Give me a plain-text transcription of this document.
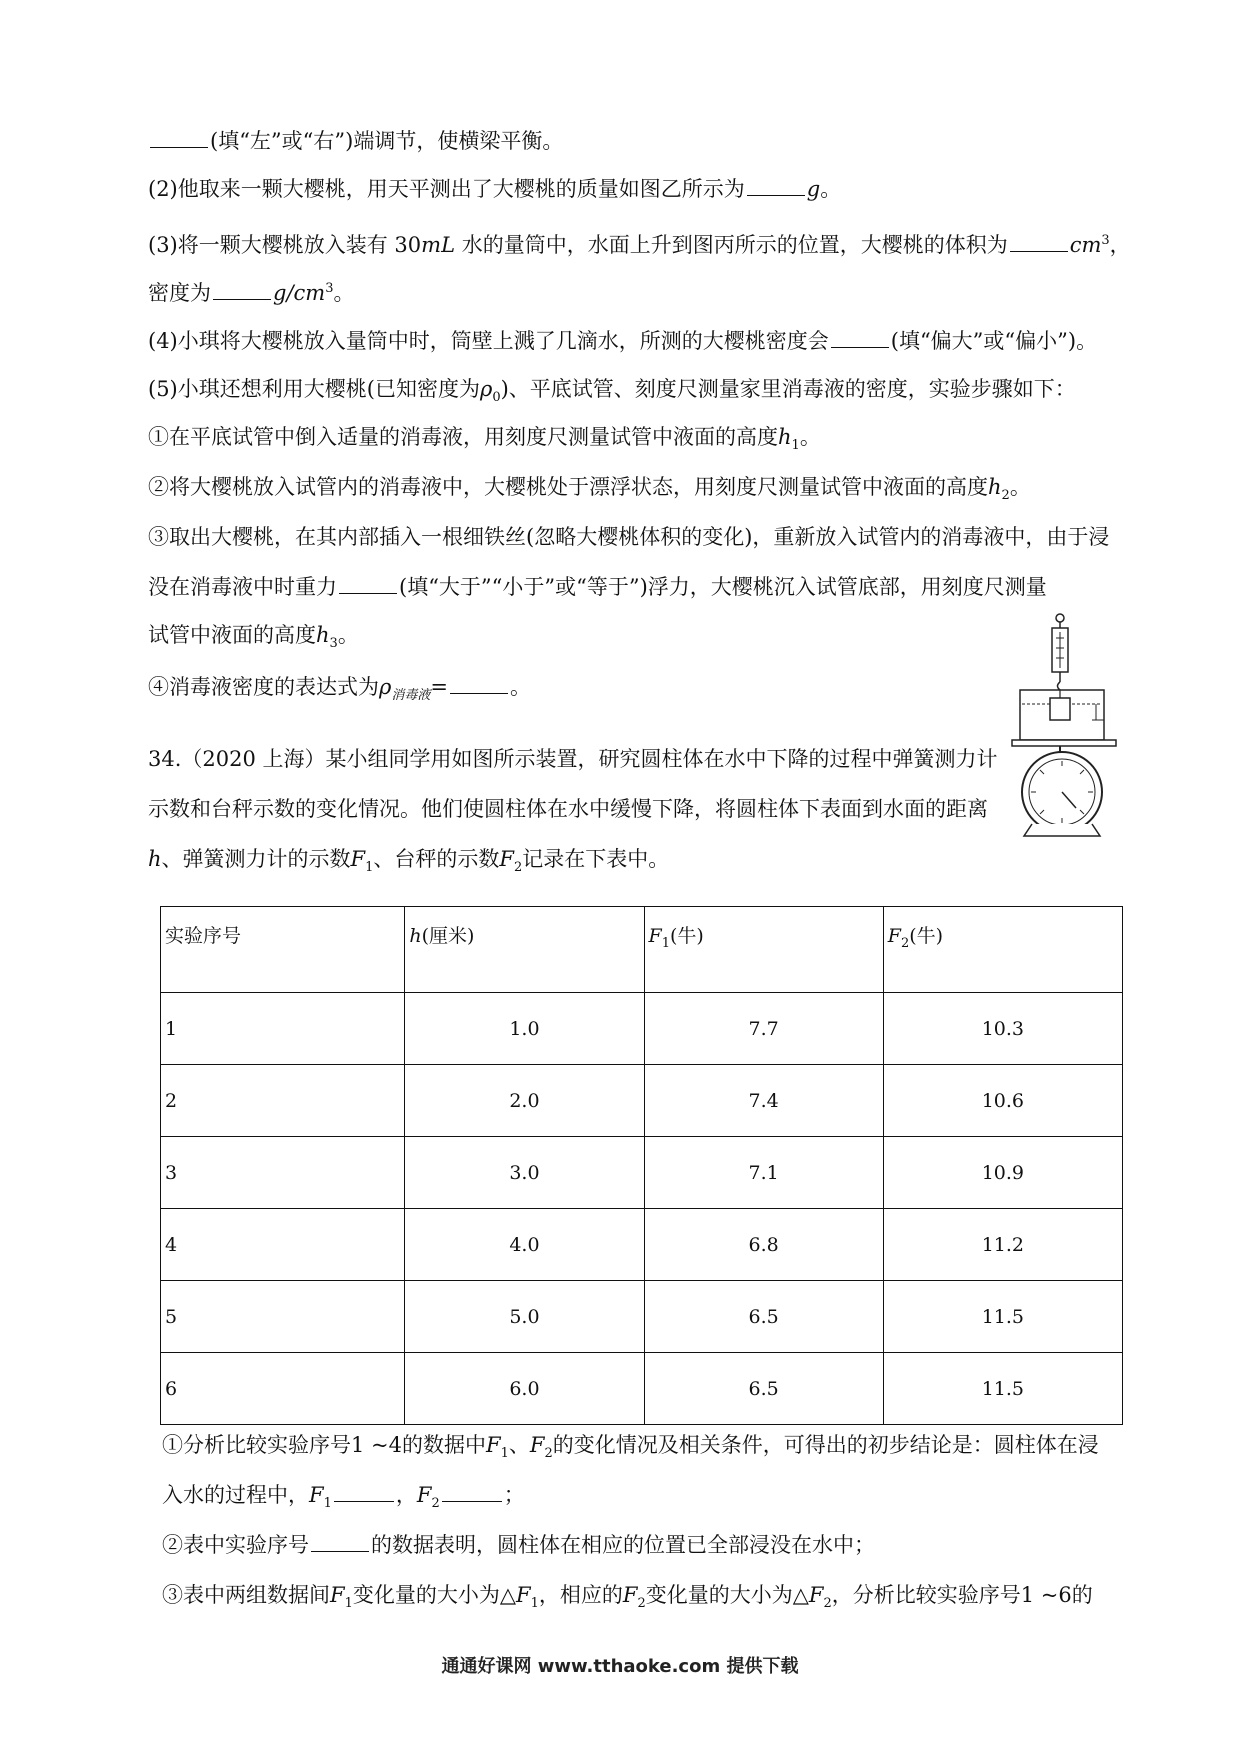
(填“左”或“右”)端调节，使横梁平衡。
(2)他取来一颗大樱桃，用天平测出了大樱桃的质量如图乙所示为	g。
(3)将一颗大樱桃放入装有 30mL 水的量筒中，水面上升到图丙所示的位置，大樱桃的体积为	$cm^3$，
密度为	$g/cm^3$。
(4)小琪将大樱桃放入量筒中时，筒壁上溅了几滴水，所测的大樱桃密度会	(填“偏大”或“偏小”)。
(5)小琪还想利用大樱桃(已知密度为$\rho_0$)、平底试管、刻度尺测量家里消毒液的密度，实验步骤如下：
①在平底试管中倒入适量的消毒液，用刻度尺测量试管中液面的高度$h_1$。
②将大樱桃放入试管内的消毒液中，大樱桃处于漂浮状态，用刻度尺测量试管中液面的高度$h_2$。
③取出大樱桃，在其内部插入一根细铁丝(忽略大樱桃体积的变化)，重新放入试管内的消毒液中，由于浸
没在消毒液中时重力	(填“大于”“小于”或“等于”)浮力，大樱桃沉入试管底部，用刻度尺测量
试管中液面的高度$h_3$。
④消毒液密度的表达式为$\rho_{消毒液}=$	。
34.（2020 上海）某小组同学用如图所示装置，研究圆柱体在水中下降的过程中弹簧测力计
示数和台秤示数的变化情况。他们使圆柱体在水中缓慢下降，将圆柱体下表面到水面的距离
h、弹簧测力计的示数$F_1$、台秤的示数$F_2$记录在下表中。
实验序号	h(厘米)	$F_1$(牛)	$F_2$(牛)
1	1.0	7.7	10.3
2	2.0	7.4	10.6
3	3.0	7.1	10.9
4	4.0	6.8	11.2
5	5.0	6.5	11.5
6	6.0	6.5	11.5
①分析比较实验序号1 ~4的数据中$F_1$、$F_2$的变化情况及相关条件，可得出的初步结论是：圆柱体在浸
入水的过程中，$F_1$	，$F_2$	；
②表中实验序号	的数据表明，圆柱体在相应的位置已全部浸没在水中；
③表中两组数据间$F_1$变化量的大小为$\triangle F_1$，相应的$F_2$变化量的大小为$\triangle F_2$，分析比较实验序号1 ~6的
通通好课网 www.tthaoke.com 提供下载
